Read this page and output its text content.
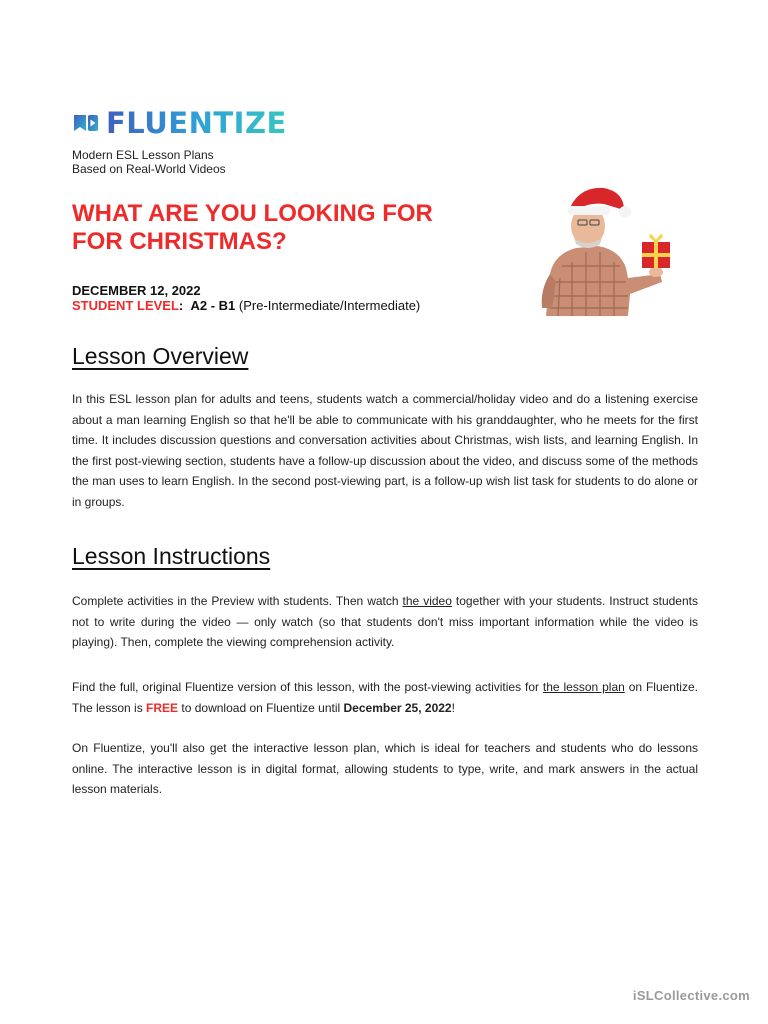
FLUENTIZE
Modern ESL Lesson Plans
Based on Real-World Videos
WHAT ARE YOU LOOKING FOR
FOR CHRISTMAS?
DECEMBER 12, 2022
STUDENT LEVEL: A2 - B1 (Pre-Intermediate/Intermediate)
Lesson Overview

In this ESL lesson plan for adults and teens, students watch a commercial/holiday video and do a listening exercise about a man learning English so that he'll be able to communicate with his granddaughter, who he meets for the first time. It includes discussion questions and conversation activities about Christmas, wish lists, and learning English. In the first post-viewing section, students have a follow-up discussion about the video, and discuss some of the methods the man uses to learn English. In the second post-viewing part, is a follow-up wish list task for students to do alone or in groups.

Lesson Instructions

Complete activities in the Preview with students. Then watch the video together with your students. Instruct students not to write during the video — only watch (so that students don't miss important information while the video is playing). Then, complete the viewing comprehension activity.

Find the full, original Fluentize version of this lesson, with the post-viewing activities for the lesson plan on Fluentize. The lesson is FREE to download on Fluentize until December 25, 2022!

On Fluentize, you'll also get the interactive lesson plan, which is ideal for teachers and students who do lessons online. The interactive lesson is in digital format, allowing students to type, write, and mark answers in the actual lesson materials.

iSLCollective.com
